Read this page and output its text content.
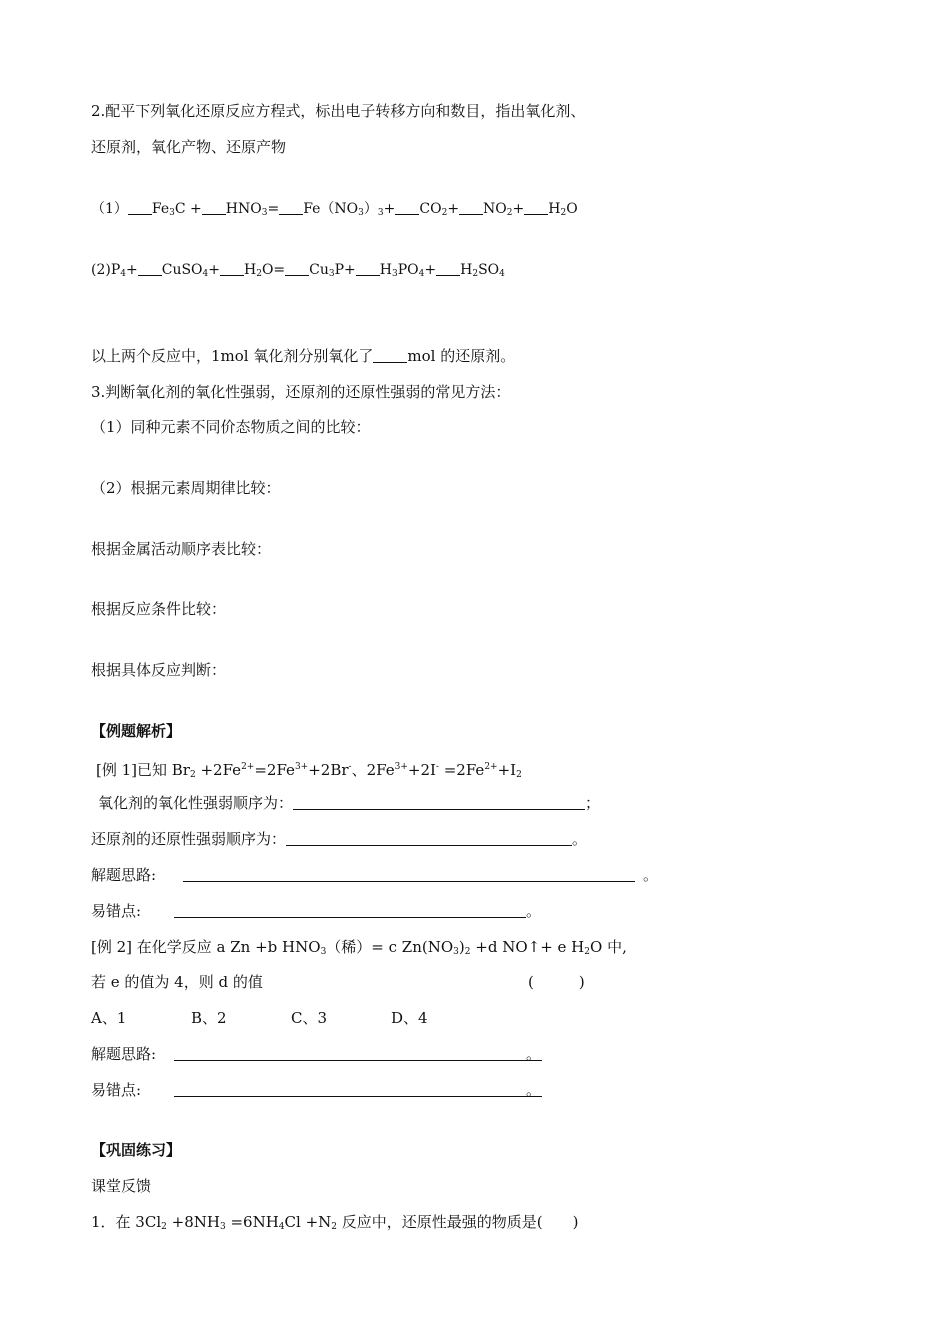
2.配平下列氧化还原反应方程式，标出电子转移方向和数目，指出氧化剂、
还原剂，氧化产物、还原产物
（1） $Fe_3C + HNO_3= Fe(NO_3)_3+ CO_2+ NO_2+ H_2O$
$(2)P_4+$ CuSO$_4$+ $H_2O= Cu_3P+ H_3PO_4+ H_2SO_4$
以上两个反应中，1mol 氧化剂分别氧化了 mol 的还原剂。
3.判断氧化剂的氧化性强弱，还原剂的还原性强弱的常见方法：
（1）同种元素不同价态物质之间的比较：
（2）根据元素周期律比较：
根据金属活动顺序表比较：
根据反应条件比较：
根据具体反应判断：
【例题解析】
[例 1]已知 $Br_2 +2Fe^{2+}=2Fe^{3+}+2Br^-$、$2Fe^{3+}+2I^- =2Fe^{2+}+I_2$
氧化剂的氧化性强弱顺序为：	；
还原剂的还原性强弱顺序为：	。
解题思路:	。
易错点:	。
[例 2] 在化学反应 a Zn +b $HNO_3$（稀）= c $Zn(NO_3)_2 +d$ NO↑+ e $H_2O$ 中,
若 e 的值为 4，则 d 的值	(　　　)
A、1	B、2	C、3	D、4
解题思路:	。
易错点:	。
【巩固练习】
课堂反馈
1．在 $3Cl_2 +8NH_3 =6NH_4Cl +N_2$ 反应中，还原性最强的物质是(　　)
